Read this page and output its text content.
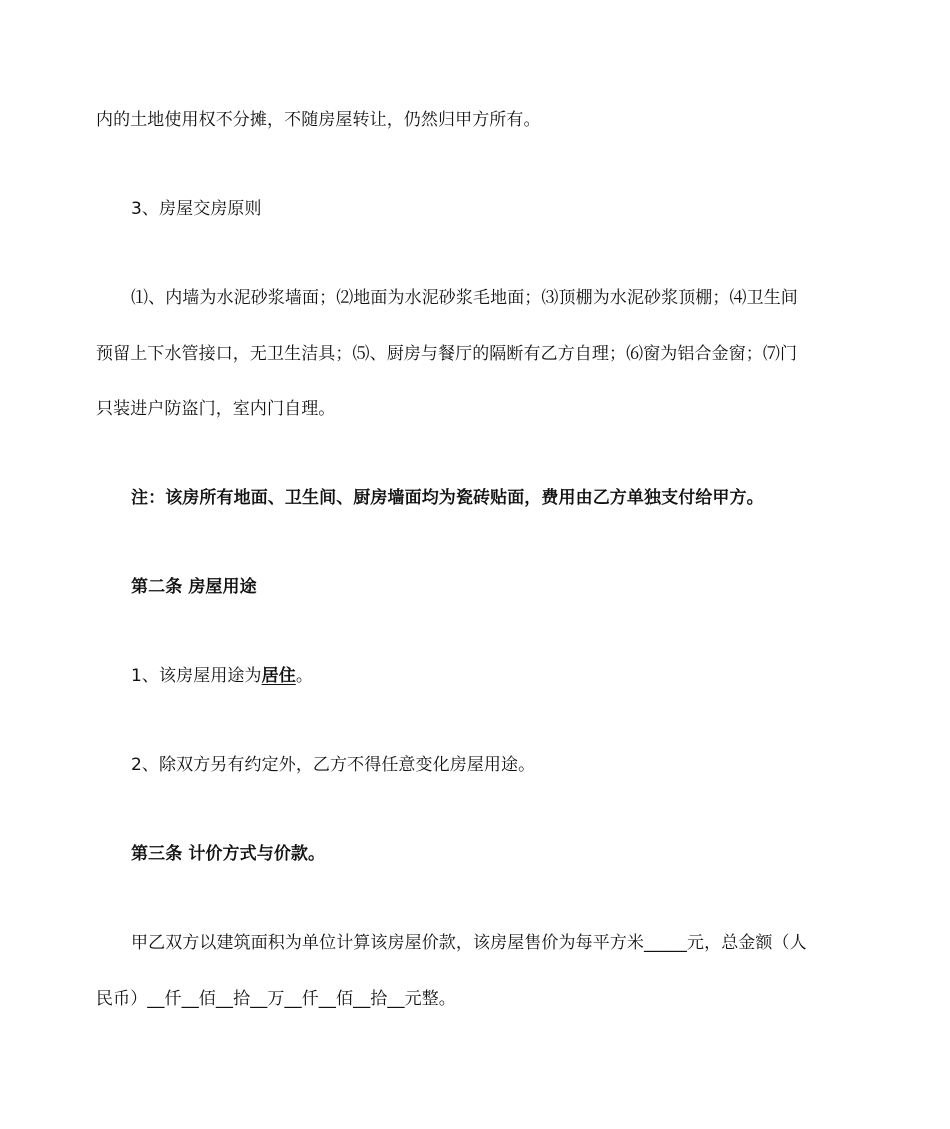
内的土地使用权不分摊，不随房屋转让，仍然归甲方所有。
3、房屋交房原则
⑴、内墙为水泥砂浆墙面；⑵地面为水泥砂浆毛地面；⑶顶棚为水泥砂浆顶棚；⑷卫生间
预留上下水管接口，无卫生洁具；⑸、厨房与餐厅的隔断有乙方自理；⑹窗为铝合金窗；⑺门
只装进户防盗门，室内门自理。
注：该房所有地面、卫生间、厨房墙面均为瓷砖贴面，费用由乙方单独支付给甲方。
第二条 房屋用途
1、该房屋用途为居住。
2、除双方另有约定外，乙方不得任意变化房屋用途。
第三条 计价方式与价款。
甲乙双方以建筑面积为单位计算该房屋价款，该房屋售价为每平方米_____元，总金额（人
民币）__仟__佰__拾__万__仟__佰__拾__元整。
